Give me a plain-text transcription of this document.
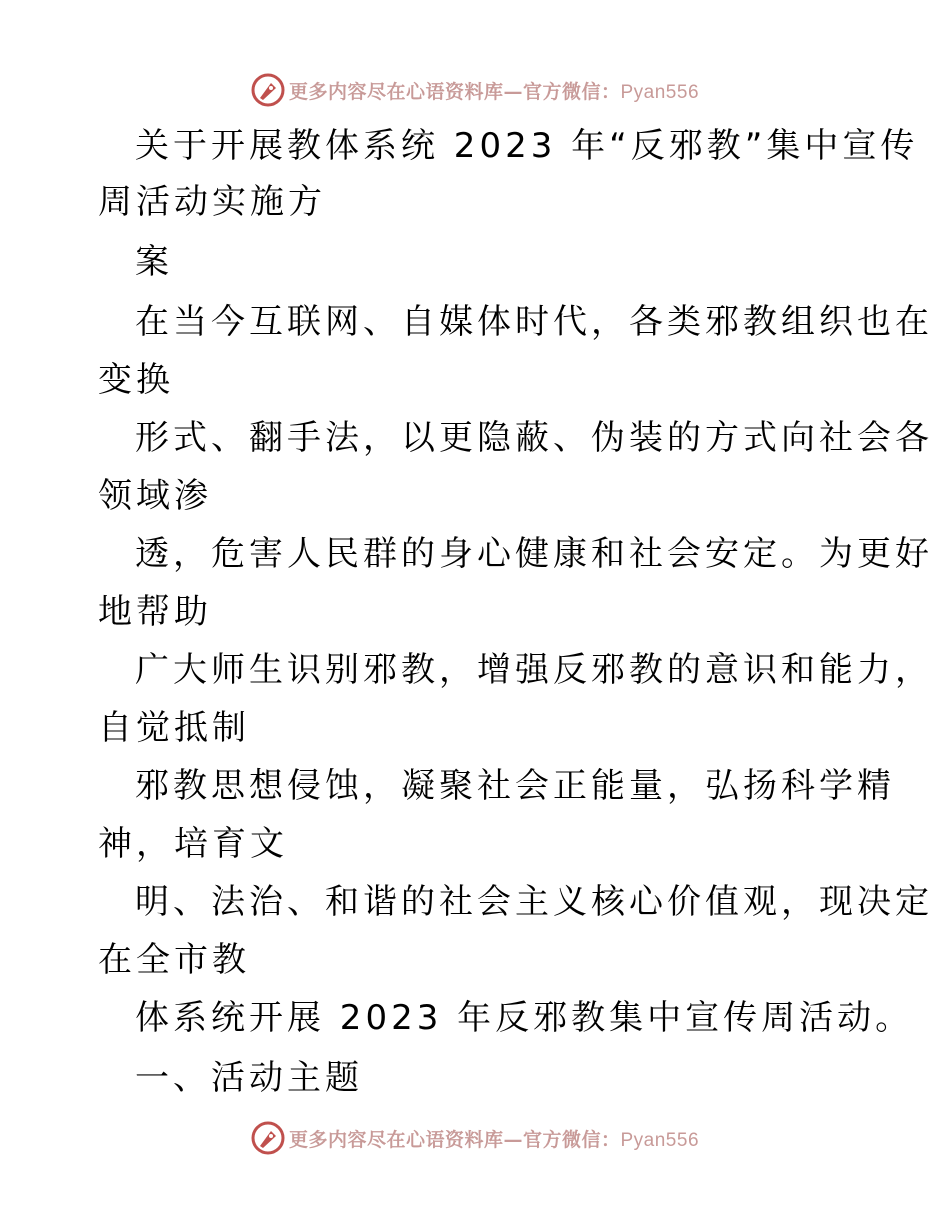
更多内容尽在心语资料库—官方微信：Pyan556
关于开展教体系统 2023 年“反邪教”集中宣传
周活动实施方
案
在当今互联网、自媒体时代，各类邪教组织也在
变换
形式、翻手法，以更隐蔽、伪装的方式向社会各
领域渗
透，危害人民群的身心健康和社会安定。为更好
地帮助
广大师生识别邪教，增强反邪教的意识和能力，
自觉抵制
邪教思想侵蚀，凝聚社会正能量，弘扬科学精
神，培育文
明、法治、和谐的社会主义核心价值观，现决定
在全市教
体系统开展 2023 年反邪教集中宣传周活动。
一、活动主题
更多内容尽在心语资料库—官方微信：Pyan556
